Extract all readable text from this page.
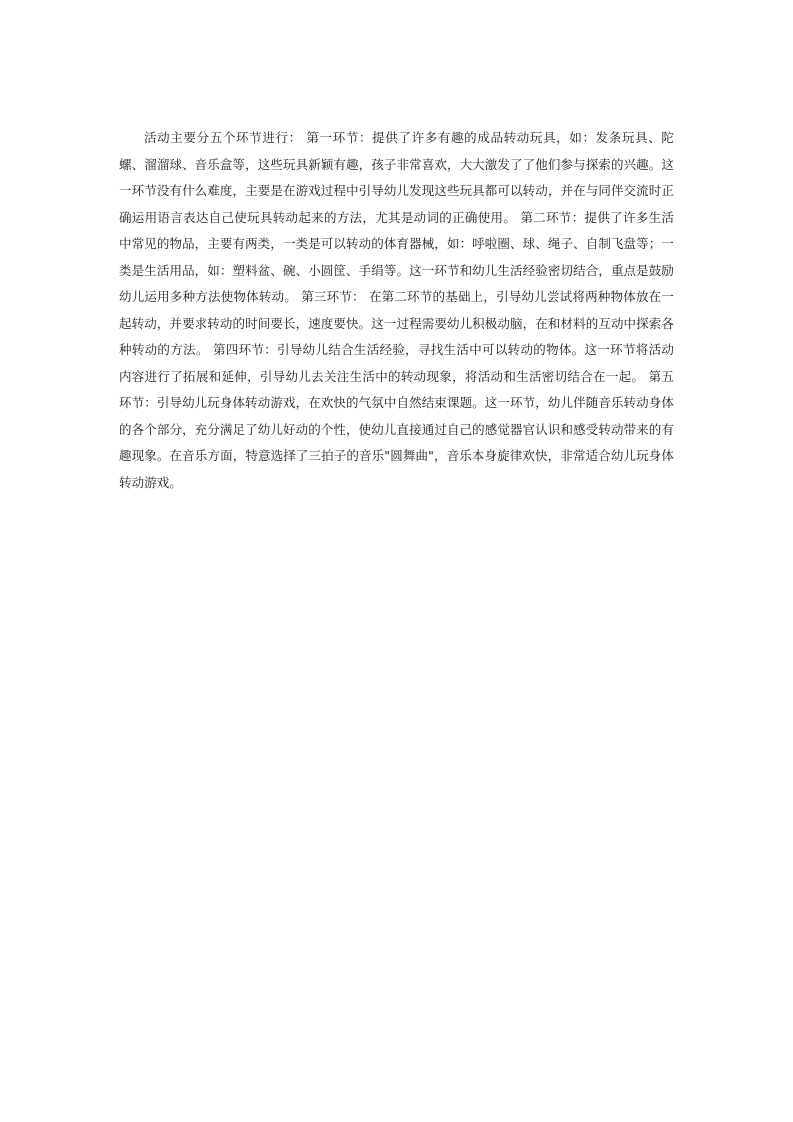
活动主要分五个环节进行： 第一环节：提供了许多有趣的成品转动玩具，如：发条玩具、陀螺、溜溜球、音乐盒等，这些玩具新颖有趣，孩子非常喜欢，大大激发了了他们参与探索的兴趣。这一环节没有什么难度，主要是在游戏过程中引导幼儿发现这些玩具都可以转动，并在与同伴交流时正确运用语言表达自己使玩具转动起来的方法，尤其是动词的正确使用。 第二环节：提供了许多生活中常见的物品，主要有两类，一类是可以转动的体育器械，如：呼啦圈、球、绳子、自制飞盘等；一类是生活用品，如：塑料盆、碗、小圆筐、手绢等。这一环节和幼儿生活经验密切结合，重点是鼓励幼儿运用多种方法使物体转动。 第三环节： 在第二环节的基础上，引导幼儿尝试将两种物体放在一起转动，并要求转动的时间要长，速度要快。这一过程需要幼儿积极动脑，在和材料的互动中探索各种转动的方法。 第四环节：引导幼儿结合生活经验，寻找生活中可以转动的物体。这一环节将活动内容进行了拓展和延伸，引导幼儿去关注生活中的转动现象，将活动和生活密切结合在一起。 第五环节：引导幼儿玩身体转动游戏，在欢快的气氛中自然结束课题。这一环节，幼儿伴随音乐转动身体的各个部分，充分满足了幼儿好动的个性，使幼儿直接通过自己的感觉器官认识和感受转动带来的有趣现象。在音乐方面，特意选择了三拍子的音乐"圆舞曲"，音乐本身旋律欢快，非常适合幼儿玩身体转动游戏。
